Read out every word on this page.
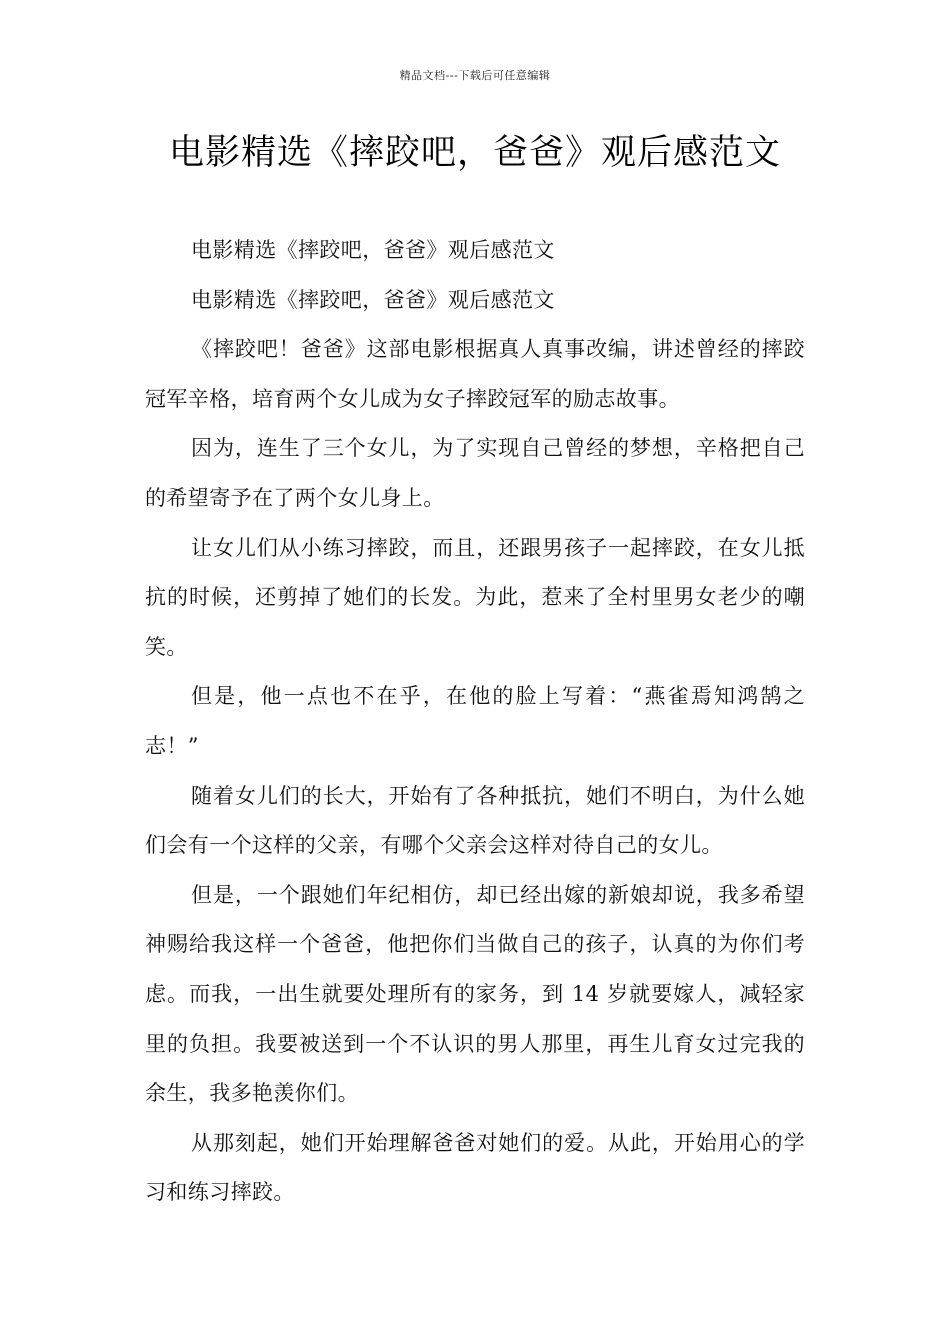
精品文档---下载后可任意编辑
电影精选《摔跤吧，爸爸》观后感范文

电影精选《摔跤吧，爸爸》观后感范文

电影精选《摔跤吧，爸爸》观后感范文

《摔跤吧！爸爸》这部电影根据真人真事改编，讲述曾经的摔跤冠军辛格，培育两个女儿成为女子摔跤冠军的励志故事。

因为，连生了三个女儿，为了实现自己曾经的梦想，辛格把自己的希望寄予在了两个女儿身上。

让女儿们从小练习摔跤，而且，还跟男孩子一起摔跤，在女儿抵抗的时候，还剪掉了她们的长发。为此，惹来了全村里男女老少的嘲笑。

但是，他一点也不在乎，在他的脸上写着：“燕雀焉知鸿鹄之志！”

随着女儿们的长大，开始有了各种抵抗，她们不明白，为什么她们会有一个这样的父亲，有哪个父亲会这样对待自己的女儿。

但是，一个跟她们年纪相仿，却已经出嫁的新娘却说，我多希望神赐给我这样一个爸爸，他把你们当做自己的孩子，认真的为你们考虑。而我，一出生就要处理所有的家务，到 14 岁就要嫁人，减轻家里的负担。我要被送到一个不认识的男人那里，再生儿育女过完我的余生，我多艳羡你们。

从那刻起，她们开始理解爸爸对她们的爱。从此，开始用心的学习和练习摔跤。
